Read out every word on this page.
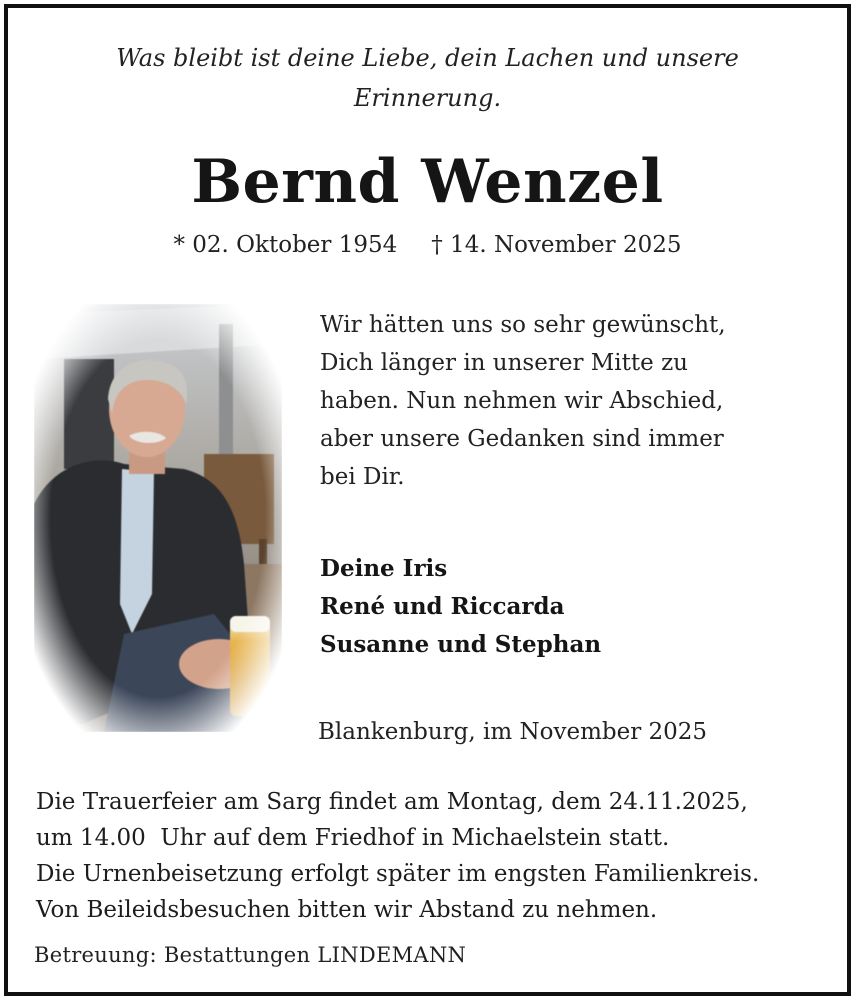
Was bleibt ist deine Liebe, dein Lachen und unsere
Erinnerung.
Bernd Wenzel
* 02. Oktober 1954 † 14. November 2025
Wir hätten uns so sehr gewünscht,
Dich länger in unserer Mitte zu
haben. Nun nehmen wir Abschied,
aber unsere Gedanken sind immer
bei Dir.
Deine Iris
René und Riccarda
Susanne und Stephan
Blankenburg, im November 2025
Die Trauerfeier am Sarg findet am Montag, dem 24.11.2025,
um 14.00  Uhr auf dem Friedhof in Michaelstein statt.
Die Urnenbeisetzung erfolgt später im engsten Familienkreis.
Von Beileidsbesuchen bitten wir Abstand zu nehmen.
Betreuung: Bestattungen LINDEMANN
